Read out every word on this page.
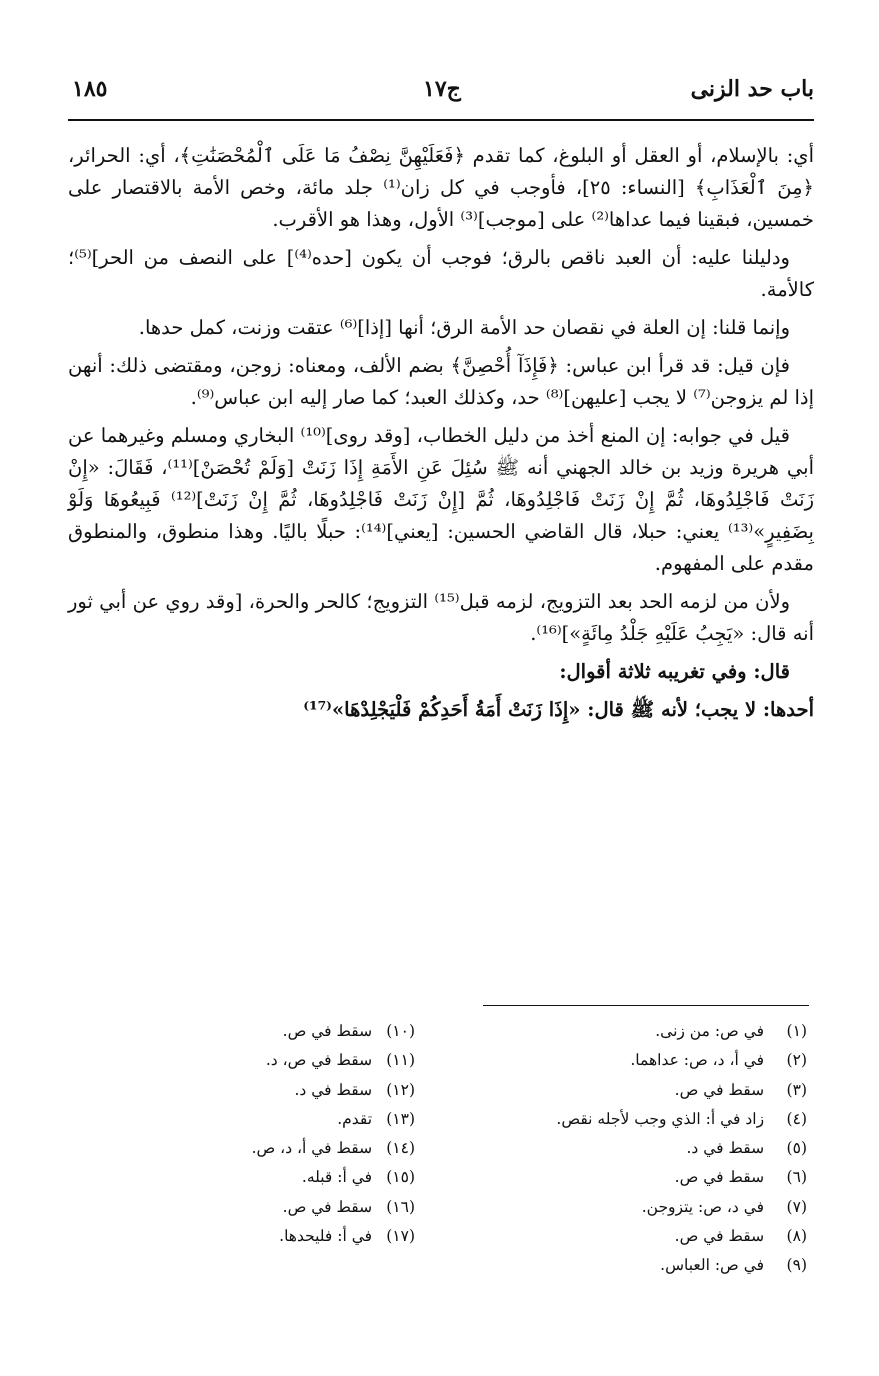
باب حد الزنى
ج١٧
١٨٥

أي: بالإسلام، أو العقل أو البلوغ، كما تقدم ﴿فَعَلَيْهِنَّ نِصْفُ مَا عَلَى ٱلْمُحْصَنَٰتِ﴾، أي: الحرائر، ﴿مِنَ ٱلْعَذَابِ﴾ [النساء: ٢٥]، فأوجب في كل زان⁽¹⁾ جلد مائة، وخص الأمة بالاقتصار على خمسين، فبقينا فيما عداها⁽²⁾ على [موجب]⁽³⁾ الأول، وهذا هو الأقرب.

ودليلنا عليه: أن العبد ناقص بالرق؛ فوجب أن يكون [حده⁽⁴⁾] على النصف من الحر]⁽⁵⁾؛ كالأمة.

وإنما قلنا: إن العلة في نقصان حد الأمة الرق؛ أنها [إذا]⁽⁶⁾ عتقت وزنت، كمل حدها.

فإن قيل: قد قرأ ابن عباس: ﴿فَإِذَآ أُحْصِنَّ﴾ بضم الألف، ومعناه: زوجن، ومقتضى ذلك: أنهن إذا لم يزوجن⁽⁷⁾ لا يجب [عليهن]⁽⁸⁾ حد، وكذلك العبد؛ كما صار إليه ابن عباس⁽⁹⁾.

قيل في جوابه: إن المنع أخذ من دليل الخطاب، [وقد روى]⁽¹⁰⁾ البخاري ومسلم وغيرهما عن أبي هريرة وزيد بن خالد الجهني أنه ﷺ سُئِلَ عَنِ الأَمَةِ إِذَا زَنَتْ [وَلَمْ تُحْصَنْ]⁽¹¹⁾، فَقَالَ: «إِنْ زَنَتْ فَاجْلِدُوهَا، ثُمَّ إِنْ زَنَتْ فَاجْلِدُوهَا، ثُمَّ [إِنْ زَنَتْ فَاجْلِدُوهَا، ثُمَّ إِنْ زَنَتْ]⁽¹²⁾ فَبِيعُوهَا وَلَوْ بِضَفِيرٍ»⁽¹³⁾ يعني: حبلا، قال القاضي الحسين: [يعني]⁽¹⁴⁾: حبلًا باليًا. وهذا منطوق، والمنطوق مقدم على المفهوم.

ولأن من لزمه الحد بعد التزويج، لزمه قبل⁽¹⁵⁾ التزويج؛ كالحر والحرة، [وقد روي عن أبي ثور أنه قال: «يَجِبُ عَلَيْهِ جَلْدُ مِائَةٍ»]⁽¹⁶⁾.

قال: وفي تغريبه ثلاثة أقوال:

أحدها: لا يجب؛ لأنه ﷺ قال: «إِذَا زَنَتْ أَمَةُ أَحَدِكُمْ فَلْيَجْلِدْهَا»⁽¹⁷⁾

(١) في ص: من زنى.
(٢) في أ، د، ص: عداهما.
(٣) سقط في ص.
(٤) زاد في أ: الذي وجب لأجله نقص.
(٥) سقط في د.
(٦) سقط في ص.
(٧) في د، ص: يتزوجن.
(٨) سقط في ص.
(٩) في ص: العباس.
(١٠) سقط في ص.
(١١) سقط في ص، د.
(١٢) سقط في د.
(١٣) تقدم.
(١٤) سقط في أ، د، ص.
(١٥) في أ: قبله.
(١٦) سقط في ص.
(١٧) في أ: فليحدها.
